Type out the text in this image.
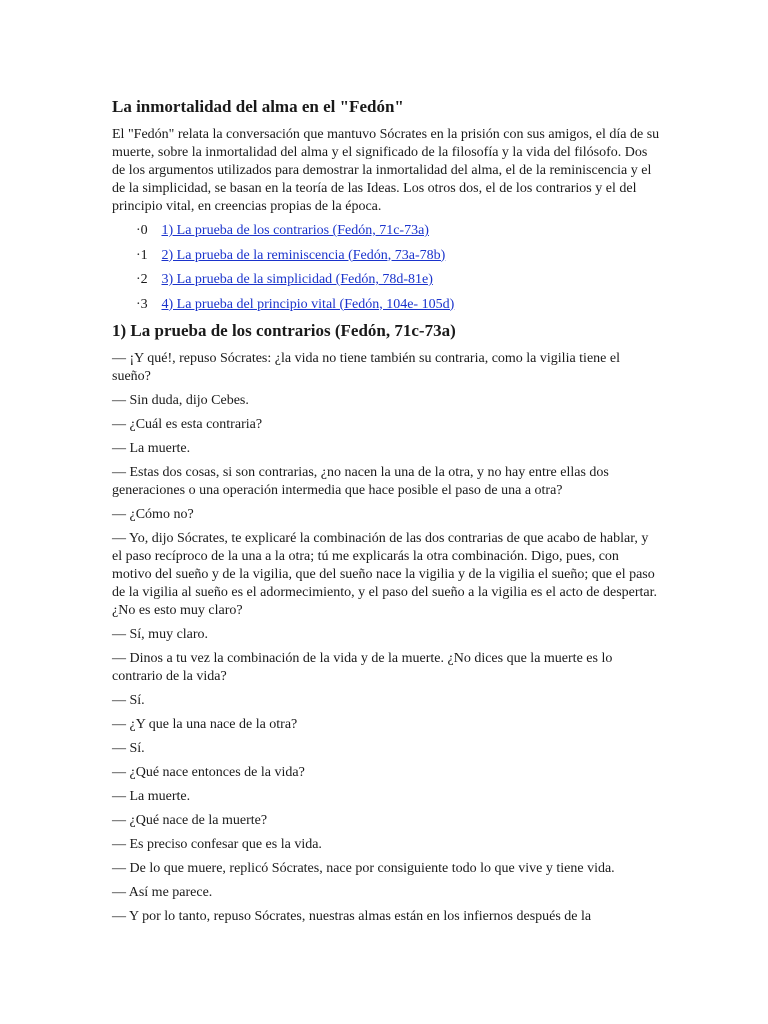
La inmortalidad del alma en el "Fedón"

El "Fedón" relata la conversación que mantuvo Sócrates en la prisión con sus amigos, el día de su muerte, sobre la inmortalidad del alma y el significado de la filosofía y la vida del filósofo. Dos de los argumentos utilizados para demostrar la inmortalidad del alma, el de la reminiscencia y el de la simplicidad, se basan en la teoría de las Ideas. Los otros dos, el de los contrarios y el del principio vital, en creencias propias de la época.

·0 1) La prueba de los contrarios (Fedón, 71c-73a)
·1 2) La prueba de la reminiscencia (Fedón, 73a-78b)
·2 3) La prueba de la simplicidad (Fedón, 78d-81e)
·3 4) La prueba del principio vital (Fedón, 104e- 105d)
1) La prueba de los contrarios (Fedón, 71c-73a)

— ¡Y qué!, repuso Sócrates: ¿la vida no tiene también su contraria, como la vigilia tiene el sueño?

— Sin duda, dijo Cebes.

— ¿Cuál es esta contraria?

— La muerte.

— Estas dos cosas, si son contrarias, ¿no nacen la una de la otra, y no hay entre ellas dos generaciones o una operación intermedia que hace posible el paso de una a otra?

— ¿Cómo no?

— Yo, dijo Sócrates, te explicaré la combinación de las dos contrarias de que acabo de hablar, y el paso recíproco de la una a la otra; tú me explicarás la otra combinación. Digo, pues, con motivo del sueño y de la vigilia, que del sueño nace la vigilia y de la vigilia el sueño; que el paso de la vigilia al sueño es el adormecimiento, y el paso del sueño a la vigilia es el acto de despertar. ¿No es esto muy claro?

— Sí, muy claro.

— Dinos a tu vez la combinación de la vida y de la muerte. ¿No dices que la muerte es lo contrario de la vida?

— Sí.

— ¿Y que la una nace de la otra?

— Sí.

— ¿Qué nace entonces de la vida?

— La muerte.

— ¿Qué nace de la muerte?

— Es preciso confesar que es la vida.

— De lo que muere, replicó Sócrates, nace por consiguiente todo lo que vive y tiene vida.

— Así me parece.

— Y por lo tanto, repuso Sócrates, nuestras almas están en los infiernos después de la
